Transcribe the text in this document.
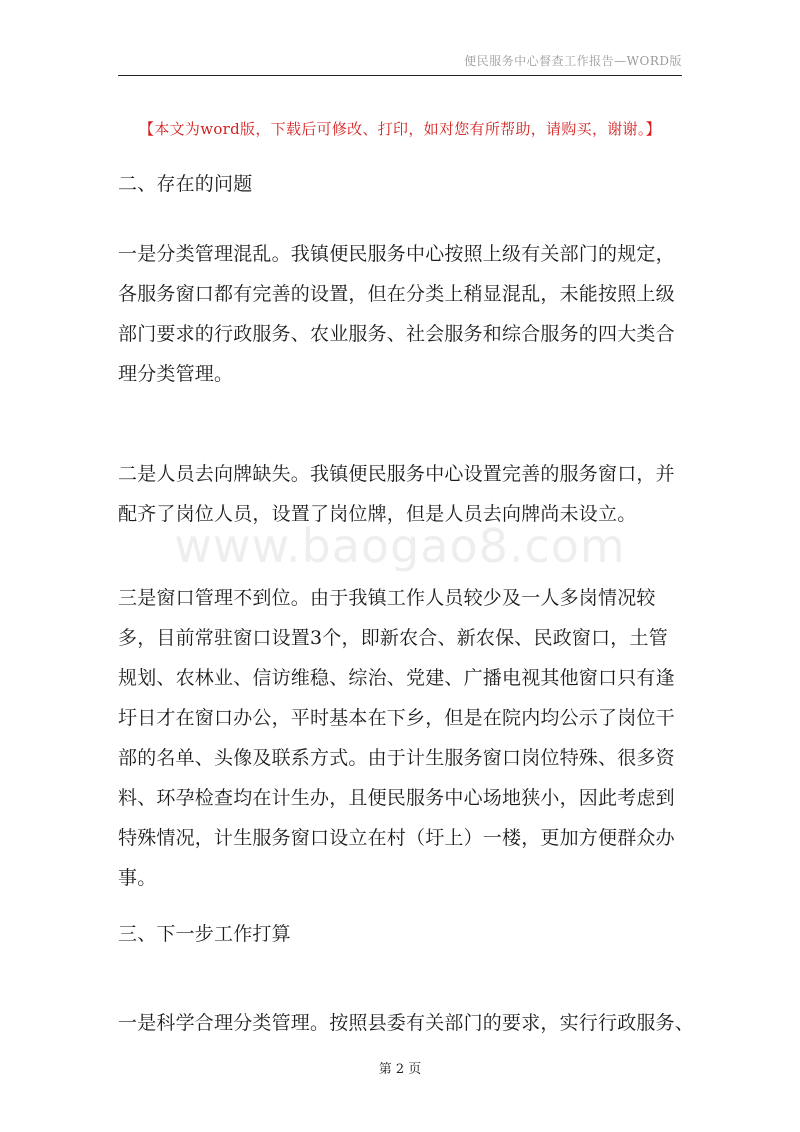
便民服务中心督查工作报告—WORD版
【本文为word版，下载后可修改、打印，如对您有所帮助，请购买，谢谢。】
二、存在的问题
一是分类管理混乱。我镇便民服务中心按照上级有关部门的规定，各服务窗口都有完善的设置，但在分类上稍显混乱，未能按照上级部门要求的行政服务、农业服务、社会服务和综合服务的四大类合理分类管理。
二是人员去向牌缺失。我镇便民服务中心设置完善的服务窗口，并配齐了岗位人员，设置了岗位牌，但是人员去向牌尚未设立。
www.baogao8.com
三是窗口管理不到位。由于我镇工作人员较少及一人多岗情况较多，目前常驻窗口设置3个，即新农合、新农保、民政窗口，土管规划、农林业、信访维稳、综治、党建、广播电视其他窗口只有逢圩日才在窗口办公，平时基本在下乡，但是在院内均公示了岗位干部的名单、头像及联系方式。由于计生服务窗口岗位特殊、很多资料、环孕检查均在计生办，且便民服务中心场地狭小，因此考虑到特殊情况，计生服务窗口设立在村（圩上）一楼，更加方便群众办事。
三、下一步工作打算
一是科学合理分类管理。按照县委有关部门的要求，实行行政服务、
第 2 页
